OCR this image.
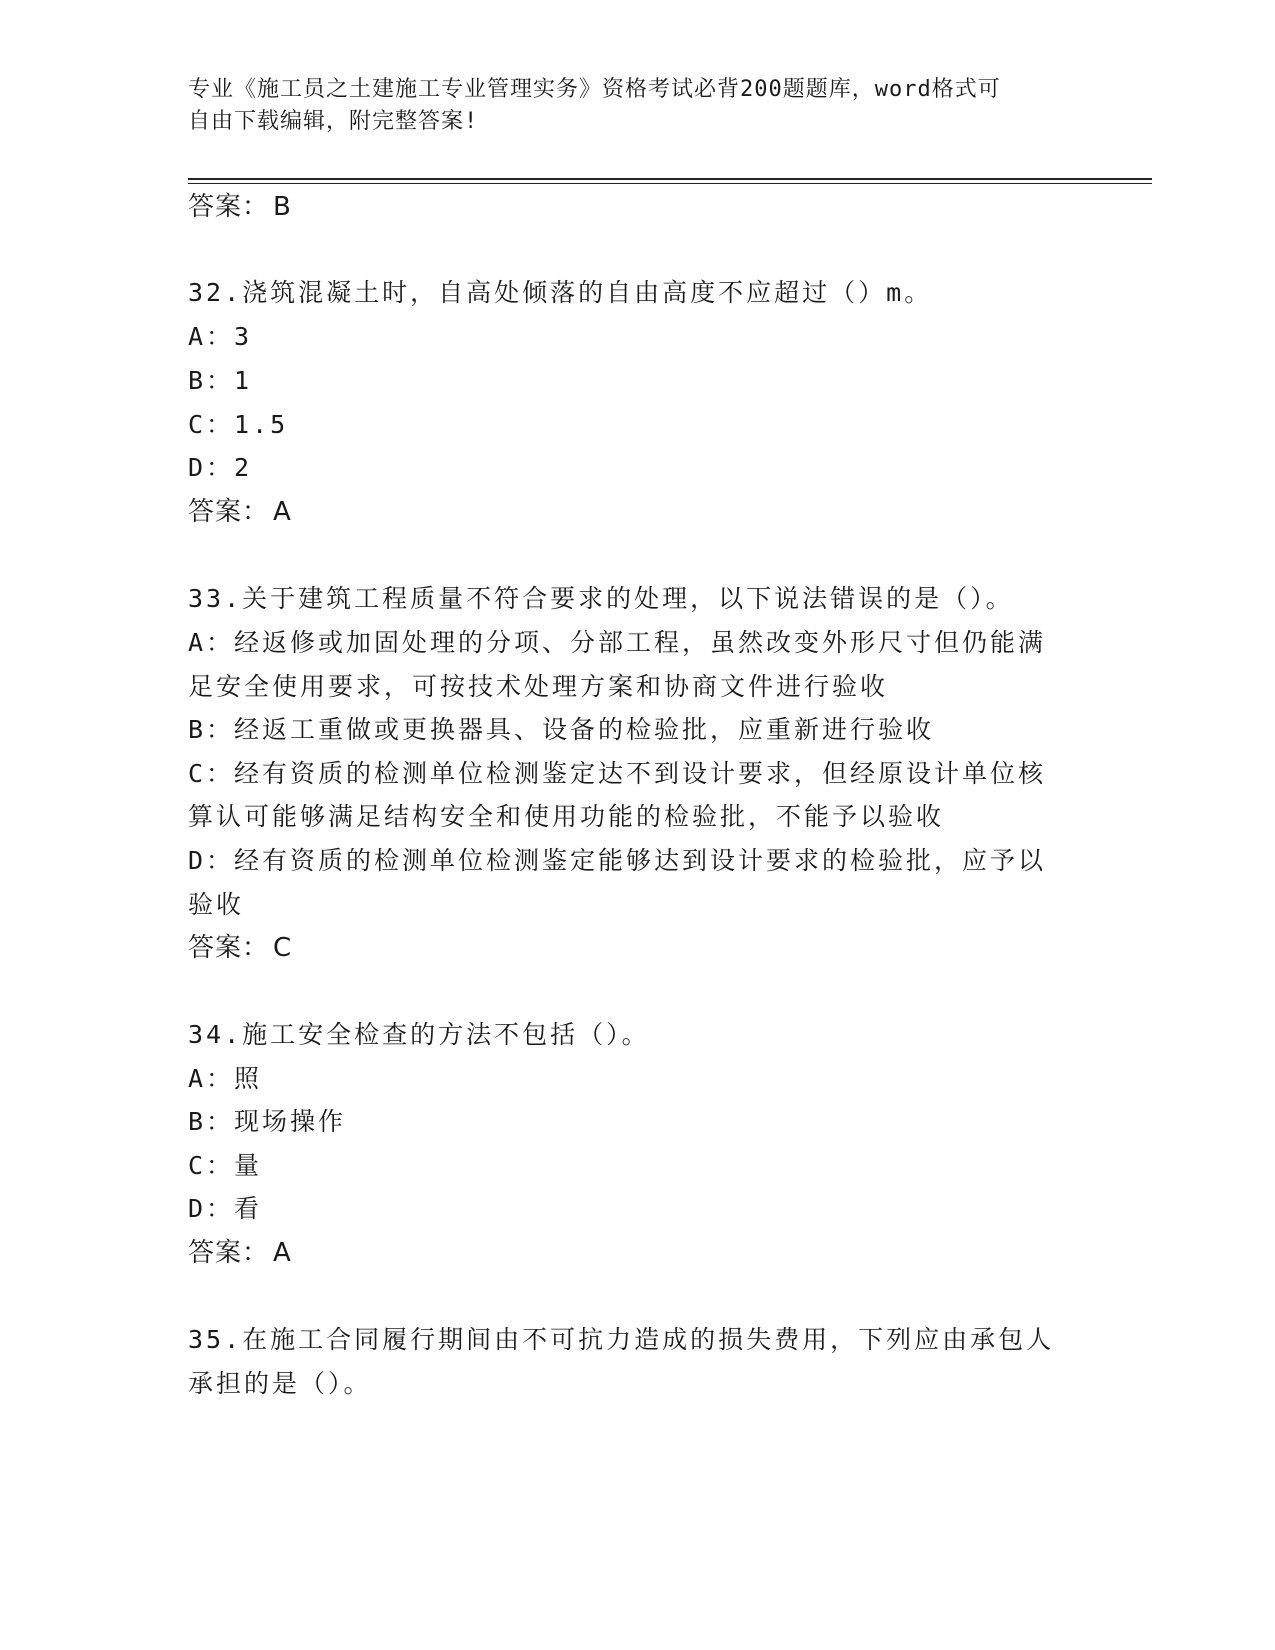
专业《施工员之土建施工专业管理实务》资格考试必背200题题库，word格式可
自由下载编辑，附完整答案!
答案： B
32.浇筑混凝土时，自高处倾落的自由高度不应超过（）m。
A：3
B：1
C：1.5
D：2
答案： A
33.关于建筑工程质量不符合要求的处理，以下说法错误的是（）。
A：经返修或加固处理的分项、分部工程，虽然改变外形尺寸但仍能满
足安全使用要求，可按技术处理方案和协商文件进行验收
B：经返工重做或更换器具、设备的检验批，应重新进行验收
C：经有资质的检测单位检测鉴定达不到设计要求，但经原设计单位核
算认可能够满足结构安全和使用功能的检验批，不能予以验收
D：经有资质的检测单位检测鉴定能够达到设计要求的检验批，应予以
验收
答案： C
34.施工安全检查的方法不包括（）。
A：照
B：现场操作
C：量
D：看
答案： A
35.在施工合同履行期间由不可抗力造成的损失费用，下列应由承包人
承担的是（）。
